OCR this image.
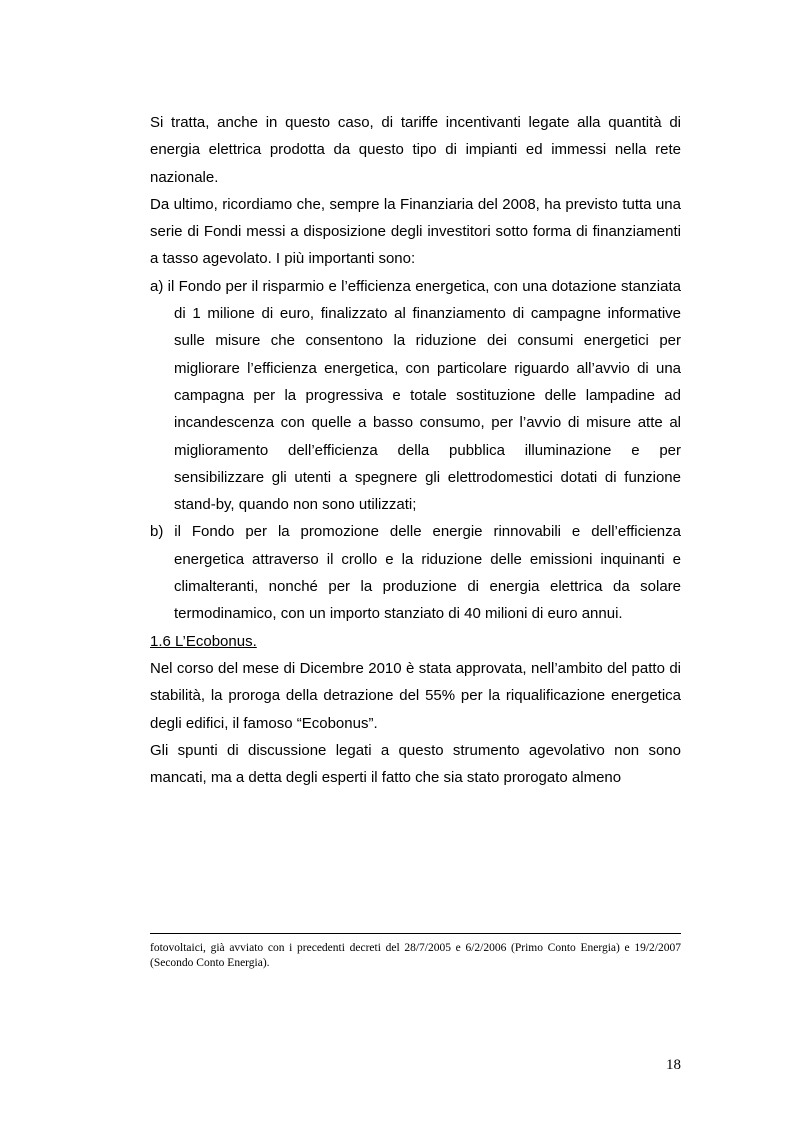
Si tratta, anche in questo caso, di tariffe incentivanti legate alla quantità di energia elettrica prodotta da questo tipo di impianti ed immessi nella rete nazionale.

Da ultimo, ricordiamo che, sempre la Finanziaria del 2008, ha previsto tutta una serie di Fondi messi a disposizione degli investitori sotto forma di finanziamenti a tasso agevolato. I più importanti sono:

a) il Fondo per il risparmio e l’efficienza energetica, con una dotazione stanziata di 1 milione di euro, finalizzato al finanziamento di campagne informative sulle misure che consentono la riduzione dei consumi energetici per migliorare l’efficienza energetica, con particolare riguardo all’avvio di una campagna per la progressiva e totale sostituzione delle lampadine ad incandescenza con quelle a basso consumo, per l’avvio di misure atte al miglioramento dell’efficienza della pubblica illuminazione e per sensibilizzare gli utenti a spegnere gli elettrodomestici dotati di funzione stand-by, quando non sono utilizzati;

b) il Fondo per la promozione delle energie rinnovabili e dell’efficienza energetica attraverso il crollo e la riduzione delle emissioni inquinanti e climalteranti, nonché per la produzione di energia elettrica da solare termodinamico, con un importo stanziato di 40 milioni di euro annui.

1.6 L’Ecobonus.

Nel corso del mese di Dicembre 2010 è stata approvata, nell’ambito del patto di stabilità, la proroga della detrazione del 55% per la riqualificazione energetica degli edifici, il famoso “Ecobonus”.

Gli spunti di discussione legati a questo strumento agevolativo non sono mancati, ma a detta degli esperti il fatto che sia stato prorogato almeno

fotovoltaici, già avviato con i precedenti decreti del 28/7/2005 e 6/2/2006 (Primo Conto Energia) e 19/2/2007 (Secondo Conto Energia).
18
